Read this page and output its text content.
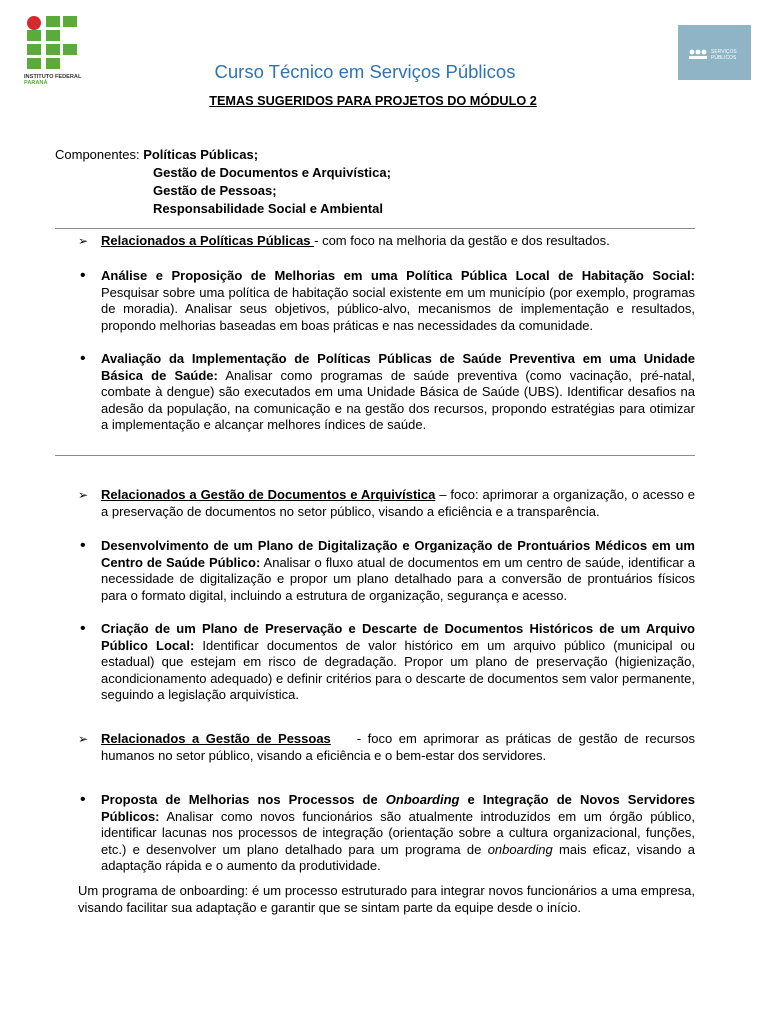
INSTITUTO FEDERAL
PARANÁ
SERVIÇOS
PÚBLICOS
Curso Técnico em Serviços Públicos
TEMAS SUGERIDOS PARA PROJETOS DO MÓDULO 2
Componentes: Políticas Públicas;
Gestão de Documentos e Arquivística;
Gestão de Pessoas;
Responsabilidade Social e Ambiental
➢ Relacionados a Políticas Públicas - com foco na melhoria da gestão e dos resultados.
• Análise e Proposição de Melhorias em uma Política Pública Local de Habitação Social: Pesquisar sobre uma política de habitação social existente em um município (por exemplo, programas de moradia). Analisar seus objetivos, público-alvo, mecanismos de implementação e resultados, propondo melhorias baseadas em boas práticas e nas necessidades da comunidade.
• Avaliação da Implementação de Políticas Públicas de Saúde Preventiva em uma Unidade Básica de Saúde: Analisar como programas de saúde preventiva (como vacinação, pré-natal, combate à dengue) são executados em uma Unidade Básica de Saúde (UBS). Identificar desafios na adesão da população, na comunicação e na gestão dos recursos, propondo estratégias para otimizar a implementação e alcançar melhores índices de saúde.
➢ Relacionados a Gestão de Documentos e Arquivística – foco: aprimorar a organização, o acesso e a preservação de documentos no setor público, visando a eficiência e a transparência.
• Desenvolvimento de um Plano de Digitalização e Organização de Prontuários Médicos em um Centro de Saúde Público: Analisar o fluxo atual de documentos em um centro de saúde, identificar a necessidade de digitalização e propor um plano detalhado para a conversão de prontuários físicos para o formato digital, incluindo a estrutura de organização, segurança e acesso.
• Criação de um Plano de Preservação e Descarte de Documentos Históricos de um Arquivo Público Local: Identificar documentos de valor histórico em um arquivo público (municipal ou estadual) que estejam em risco de degradação. Propor um plano de preservação (higienização, acondicionamento adequado) e definir critérios para o descarte de documentos sem valor permanente, seguindo a legislação arquivística.
➢ Relacionados a Gestão de Pessoas    - foco em aprimorar as práticas de gestão de recursos humanos no setor público, visando a eficiência e o bem-estar dos servidores.
• Proposta de Melhorias nos Processos de Onboarding e Integração de Novos Servidores Públicos: Analisar como novos funcionários são atualmente introduzidos em um órgão público, identificar lacunas nos processos de integração (orientação sobre a cultura organizacional, funções, etc.) e desenvolver um plano detalhado para um programa de onboarding mais eficaz, visando a adaptação rápida e o aumento da produtividade.
Um programa de onboarding: é um processo estruturado para integrar novos funcionários a uma empresa, visando facilitar sua adaptação e garantir que se sintam parte da equipe desde o início.
